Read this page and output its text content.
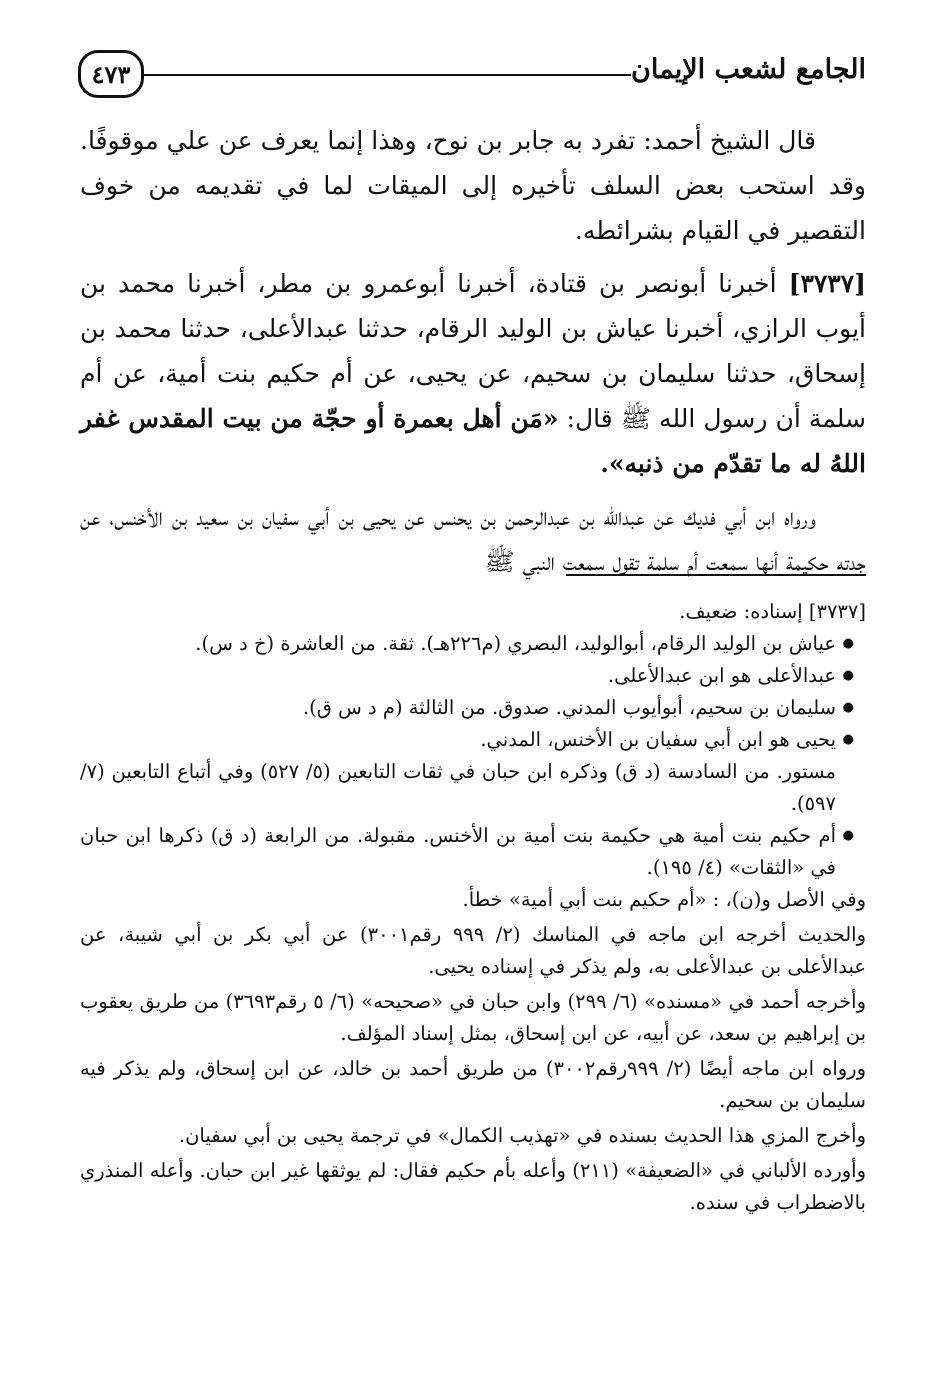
الجامع لشعب الإيمان
٤٧٣

قال الشيخ أحمد: تفرد به جابر بن نوح، وهذا إنما يعرف عن علي موقوفًا. وقد استحب بعض السلف تأخيره إلى الميقات لما في تقديمه من خوف التقصير في القيام بشرائطه.

[٣٧٣٧] أخبرنا أبونصر بن قتادة، أخبرنا أبوعمرو بن مطر، أخبرنا محمد بن أيوب الرازي، أخبرنا عياش بن الوليد الرقام، حدثنا عبدالأعلى، حدثنا محمد بن إسحاق، حدثنا سليمان بن سحيم، عن يحيى، عن أم حكيم بنت أمية، عن أم سلمة أن رسول الله ﷺ قال: «مَن أهل بعمرة أو حجّة من بيت المقدس غفر اللهُ له ما تقدّم من ذنبه».

ورواه ابن أبي فديك عن عبدالله بن عبدالرحمن بن يحنس عن يحيى بن أبي سفيان بن سعيد بن الأخنس، عن جدته حكيمة أنها سمعت أم سلمة تقول سمعت النبي ﷺ

[٣٧٣٧] إسناده: ضعيف.

● عياش بن الوليد الرقام، أبوالوليد، البصري (م٢٢٦هـ). ثقة. من العاشرة (خ د س).
● عبدالأعلى هو ابن عبدالأعلى.
● سليمان بن سحيم، أبوأيوب المدني. صدوق. من الثالثة (م د س ق).
● يحيى هو ابن أبي سفيان بن الأخنس، المدني.

مستور. من السادسة (د ق) وذكره ابن حبان في ثقات التابعين (٥/ ٥٢٧) وفي أتباع التابعين (٧/ ٥٩٧).

● أم حكيم بنت أمية هي حكيمة بنت أمية بن الأخنس. مقبولة. من الرابعة (د ق) ذكرها ابن حبان في «الثقات» (٤/ ١٩٥).

وفي الأصل و(ن)، : «أم حكيم بنت أبي أمية» خطأ.

والحديث أخرجه ابن ماجه في المناسك (٢/ ٩٩٩ رقم٣٠٠١) عن أبي بكر بن أبي شيبة، عن عبدالأعلى بن عبدالأعلى به، ولم يذكر في إسناده يحيى.

وأخرجه أحمد في «مسنده» (٦/ ٢٩٩) وابن حبان في «صحيحه» (٦/ ٥ رقم٣٦٩٣) من طريق يعقوب بن إبراهيم بن سعد، عن أبيه، عن ابن إسحاق، بمثل إسناد المؤلف.

ورواه ابن ماجه أيضًا (٢/ ٩٩٩رقم٣٠٠٢) من طريق أحمد بن خالد، عن ابن إسحاق، ولم يذكر فيه سليمان بن سحيم.

وأخرج المزي هذا الحديث بسنده في «تهذيب الكمال» في ترجمة يحيى بن أبي سفيان.

وأورده الألباني في «الضعيفة» (٢١١) وأعله بأم حكيم فقال: لم يوثقها غير ابن حبان. وأعله المنذري بالاضطراب في سنده.
